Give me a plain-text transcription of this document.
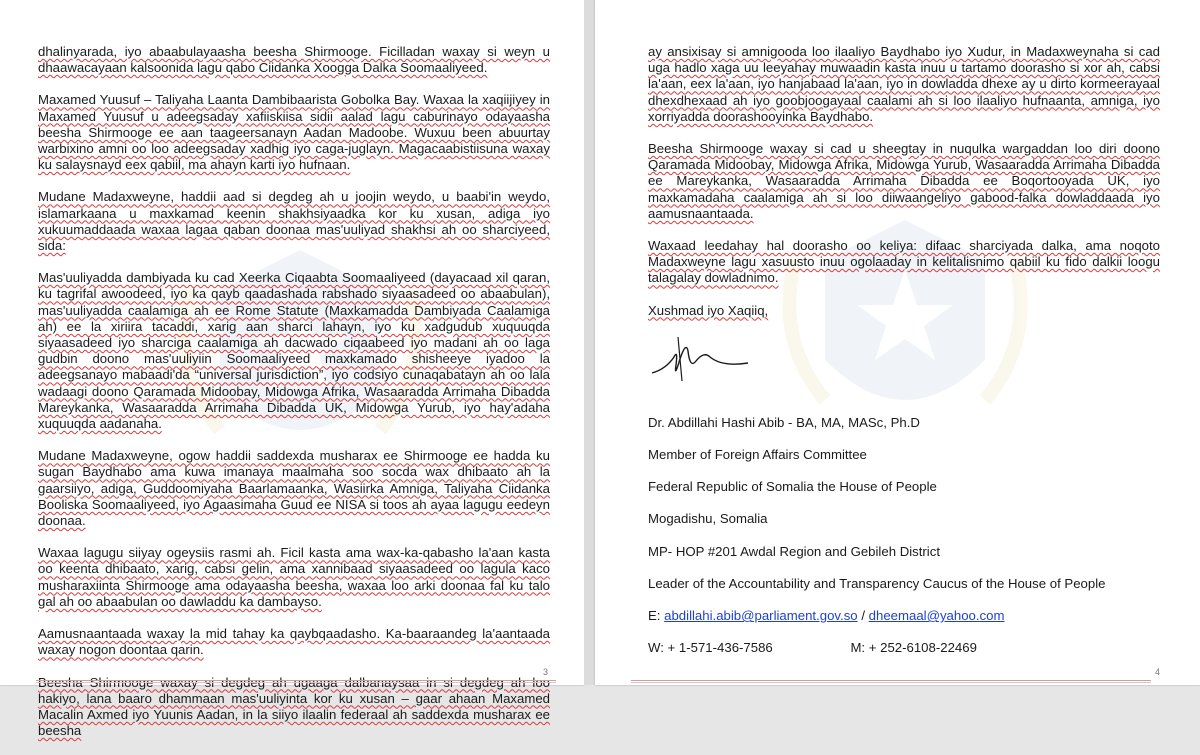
dhalinyarada, iyo abaabulayaasha beesha Shirmooge. Ficilladan waxay si weyn u dhaawacayaan kalsoonida lagu qabo Ciidanka Xoogga Dalka Soomaaliyeed.

Maxamed Yuusuf – Taliyaha Laanta Dambibaarista Gobolka Bay. Waxaa la xaqiijiyey in Maxamed Yuusuf u adeegsaday xafiiskiisa sidii aalad lagu caburinayo odayaasha beesha Shirmooge ee aan taageersanayn Aadan Madoobe. Wuxuu been abuurtay warbixino amni oo loo adeegsaday xadhig iyo caga-juglayn. Magacaabistiisuna waxay ku salaysnayd eex qabiil, ma ahayn karti iyo hufnaan.

Mudane Madaxweyne, haddii aad si degdeg ah u joojin weydo, u baabi'in weydo, islamarkaana u maxkamad keenin shakhsiyaadka kor ku xusan, adiga iyo xukuumaddaada waxaa lagaa qaban doonaa mas'uuliyad shakhsi ah oo sharciyeed, sida:

Mas'uuliyadda dambiyada ku cad Xeerka Ciqaabta Soomaaliyeed (dayacaad xil qaran, ku tagrifal awoodeed, iyo ka qayb qaadashada rabshado siyaasadeed oo abaabulan), mas'uuliyadda caalamiga ah ee Rome Statute (Maxkamadda Dambiyada Caalamiga ah) ee la xiriira tacaddi, xarig aan sharci lahayn, iyo ku xadgudub xuquuqda siyaasadeed iyo sharciga caalamiga ah dacwado ciqaabeed iyo madani ah oo laga gudbin doono mas'uuliyiin Soomaaliyeed maxkamado shisheeye iyadoo la adeegsanayo mabaadi'da “universal jurisdiction”, iyo codsiyo cunaqabatayn ah oo lala wadaagi doono Qaramada Midoobay, Midowga Afrika, Wasaaradda Arrimaha Dibadda Mareykanka, Wasaaradda Arrimaha Dibadda UK, Midowga Yurub, iyo hay'adaha xuquuqda aadanaha.

Mudane Madaxweyne, ogow haddii saddexda musharax ee Shirmooge ee hadda ku sugan Baydhabo ama kuwa imanaya maalmaha soo socda wax dhibaato ah la gaarsiiyo, adiga, Guddoomiyaha Baarlamaanka, Wasiirka Amniga, Taliyaha Ciidanka Booliska Soomaaliyeed, iyo Agaasimaha Guud ee NISA si toos ah ayaa lagugu eedeyn doonaa.

Waxaa lagugu siiyay ogeysiis rasmi ah. Ficil kasta ama wax-ka-qabasho la'aan kasta oo keenta dhibaato, xarig, cabsi gelin, ama xannibaad siyaasadeed oo lagula kaco musharaxiinta Shirmooge ama odayaasha beesha, waxaa loo arki doonaa fal ku talo gal ah oo abaabulan oo dawladdu ka dambayso.

Aamusnaantaada waxay la mid tahay ka qaybqaadasho. Ka-baaraandeg la'aantaada waxay nogon doontaa qarin.

hakiyo, lana baaro dhammaan mas'uuliyinta kor ku xusan – gaar ahaan Maxamed Macalin Axmed iyo Yuunis Aadan, in la siiyo ilaalin federaal ah saddexda musharax ee beesha

3

ay ansixisay si amnigooda loo ilaaliyo Baydhabo iyo Xudur, in Madaxweynaha si cad uga hadlo xaga uu leeyahay muwaadin kasta inuu u tartamo doorasho si xor ah, cabsi la'aan, eex la'aan, iyo hanjabaad la'aan, iyo in dowladda dhexe ay u dirto kormeerayaal dhexdhexaad ah iyo goobjoogayaal caalami ah si loo ilaaliyo hufnaanta, amniga, iyo xorriyadda doorashooyinka Baydhabo.

Beesha Shirmooge waxay si cad u sheegtay in nuqulka wargaddan loo diri doono Qaramada Midoobay, Midowga Afrika, Midowga Yurub, Wasaaradda Arrimaha Dibadda ee Mareykanka, Wasaaradda Arrimaha Dibadda ee Boqortooyada UK, iyo maxkamadaha caalamiga ah si loo diiwaangeliyo gabood-falka dowladdaada iyo aamusnaantaada.

Waxaad leedahay hal doorasho oo keliya: difaac sharciyada dalka, ama noqoto Madaxweyne lagu xasuusto inuu ogolaaday in kelitalisnimo qabiil ku fido dalkii loogu talagalay dowladnimo.

Xushmad iyo Xaqiiq,

Dr. Abdillahi Hashi Abib - BA, MA, MASc, Ph.D

Member of Foreign Affairs Committee

Federal Republic of Somalia the House of People

Mogadishu, Somalia

MP- HOP #201 Awdal Region and Gebileh District

Leader of the Accountability and Transparency Caucus of the House of People

E: abdillahi.abib@parliament.gov.so / dheemaal@yahoo.com

W: + 1-571-436-7586	M: + 252-6108-22469

4
